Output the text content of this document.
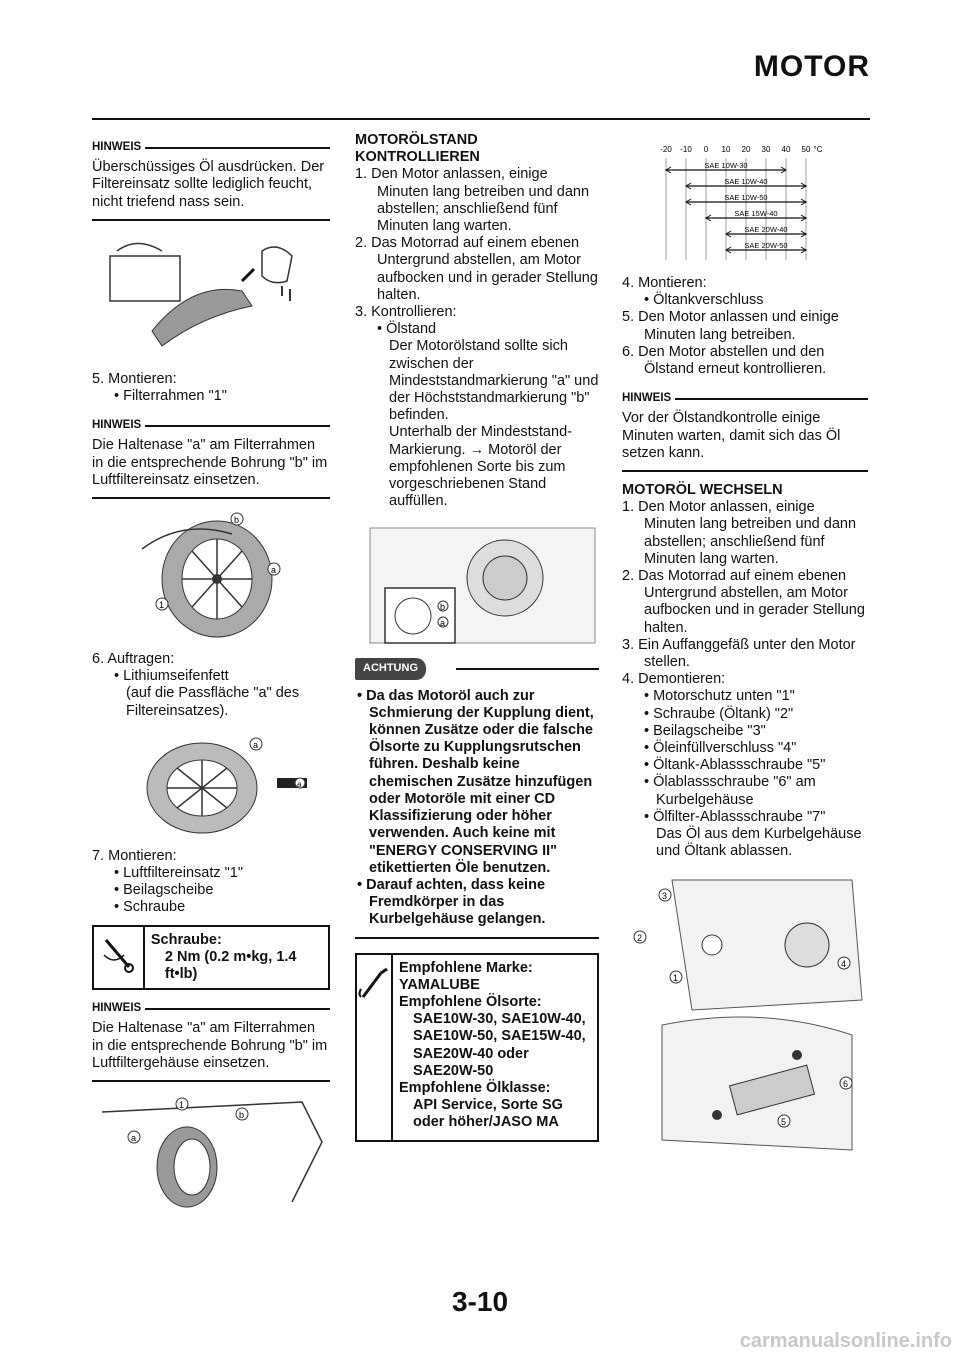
MOTOR
HINWEIS
Überschüssiges Öl ausdrücken. Der Filtereinsatz sollte lediglich feucht, nicht triefend nass sein.
5. Montieren:
• Filterrahmen "1"
HINWEIS
Die Haltenase "a" am Filterrahmen in die entsprechende Bohrung "b" im Luftfiltereinsatz einsetzen.
b
a
1
6. Auftragen:
• Lithiumseifenfett
(auf die Passfläche "a" des Filtereinsatzes).
a
a
7. Montieren:
• Luftfiltereinsatz "1"
• Beilagscheibe
• Schraube
Schraube:
2 Nm (0.2 m•kg, 1.4 ft•lb)
HINWEIS
Die Haltenase "a" am Filterrahmen in die entsprechende Bohrung "b" im Luftfiltergehäuse einsetzen.
1
b
a
MOTORÖLSTAND KONTROLLIEREN
1. Den Motor anlassen, einige Minuten lang betreiben und dann abstellen; anschließend fünf Minuten lang warten.
2. Das Motorrad auf einem ebenen Untergrund abstellen, am Motor aufbocken und in gerader Stellung halten.
3. Kontrollieren:
• Ölstand
Der Motorölstand sollte sich zwischen der Mindeststandmarkierung "a" und der Höchststandmarkierung "b" befinden.
Unterhalb der Mindeststand-Markierung. → Motoröl der empfohlenen Sorte bis zum vorgeschriebenen Stand auffüllen.
b
a
ACHTUNG
• Da das Motoröl auch zur Schmierung der Kupplung dient, können Zusätze oder die falsche Ölsorte zu Kupplungsrutschen führen. Deshalb keine chemischen Zusätze hinzufügen oder Motoröle mit einer CD Klassifizierung oder höher verwenden. Auch keine mit "ENERGY CONSERVING II" etikettierten Öle benutzen.
• Darauf achten, dass keine Fremdkörper in das Kurbelgehäuse gelangen.
Empfohlene Marke:
YAMALUBE
Empfohlene Ölsorte:
SAE10W-30, SAE10W-40, SAE10W-50, SAE15W-40, SAE20W-40 oder SAE20W-50
Empfohlene Ölklasse:
API Service, Sorte SG oder höher/JASO MA
-20 -10 0 10 20 30 40 50 °C
SAE 10W-30
SAE 10W-40
SAE 10W-50
SAE 15W-40
SAE 20W-40
SAE 20W-50
4. Montieren:
• Öltankverschluss
5. Den Motor anlassen und einige Minuten lang betreiben.
6. Den Motor abstellen und den Ölstand erneut kontrollieren.
HINWEIS
Vor der Ölstandkontrolle einige Minuten warten, damit sich das Öl setzen kann.
MOTORÖL WECHSELN
1. Den Motor anlassen, einige Minuten lang betreiben und dann abstellen; anschließend fünf Minuten lang warten.
2. Das Motorrad auf einem ebenen Untergrund abstellen, am Motor aufbocken und in gerader Stellung halten.
3. Ein Auffanggefäß unter den Motor stellen.
4. Demontieren:
• Motorschutz unten "1"
• Schraube (Öltank) "2"
• Beilagscheibe "3"
• Öleinfüllverschluss "4"
• Öltank-Ablassschraube "5"
• Ölablassschraube "6" am Kurbelgehäuse
• Ölfilter-Ablassschraube "7"
Das Öl aus dem Kurbelgehäuse und Öltank ablassen.
3
2
4
1
6
5
3-10
carmanualsonline.info
